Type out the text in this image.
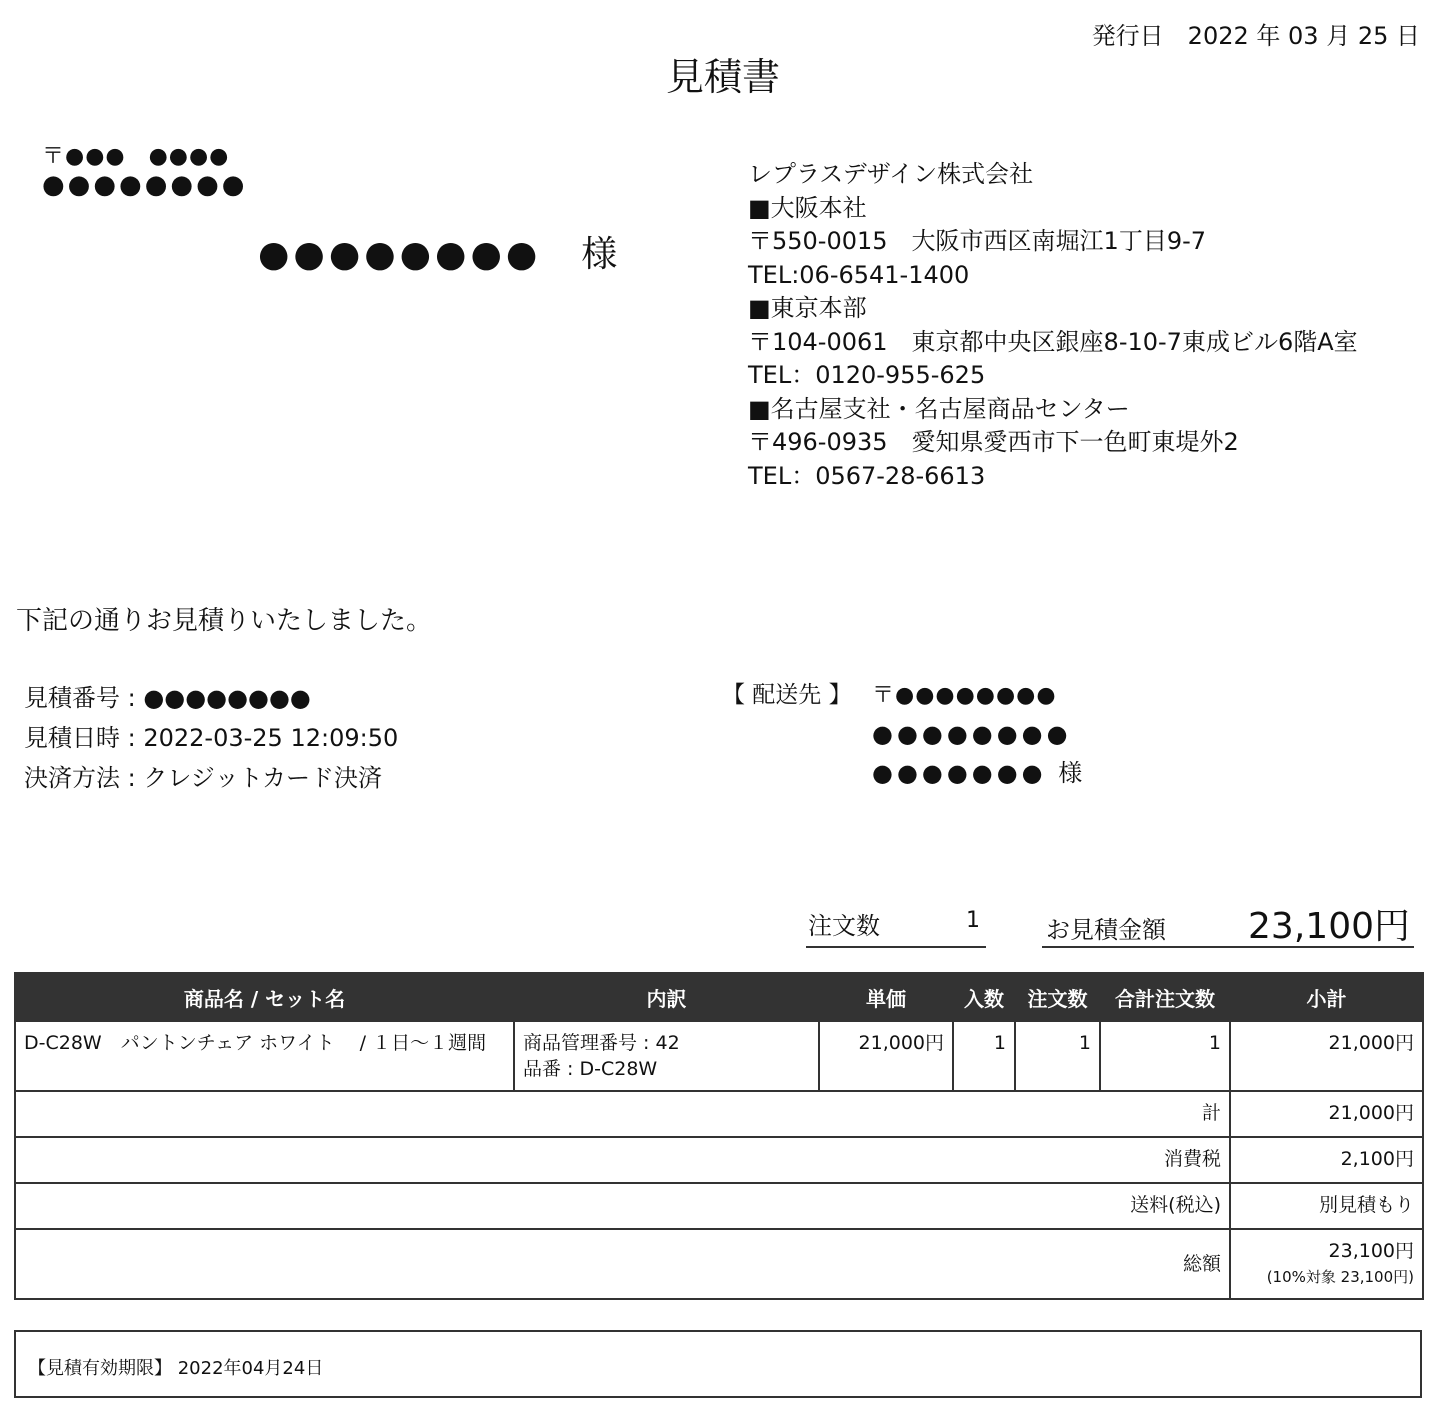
発行日　2022 年 03 月 25 日
見積書
〒●●●　●●●●
●●●●●●●●
●●●●●●●●　様
レプラスデザイン株式会社
■大阪本社
〒550-0015　大阪市西区南堀江1丁目9-7
TEL:06-6541-1400
■東京本部
〒104-0061　東京都中央区銀座8-10-7東成ビル6階A室
TEL：0120-955-625
■名古屋支社・名古屋商品センター
〒496-0935　愛知県愛西市下一色町東堤外2
TEL：0567-28-6613
下記の通りお見積りいたしました。
見積番号 : ●●●●●●●●
見積日時 : 2022-03-25 12:09:50
決済方法 : クレジットカード決済
【 配送先 】 〒●●●●●●●●
●●●●●●●●
●●●●●●● 様
注文数	1	お見積金額 23,100円
商品名 / セット名	内訳	単価	入数	注文数	合計注文数	小計
D-C28W　パントンチェア ホワイト　 / １日～１週間	商品管理番号 : 42
品番 : D-C28W	21,000円	1	1	1	21,000円
計						21,000円
消費税						2,100円
送料(税込)						別見積もり
総額						23,100円
(10%対象 23,100円)
【見積有効期限】 2022年04月24日
